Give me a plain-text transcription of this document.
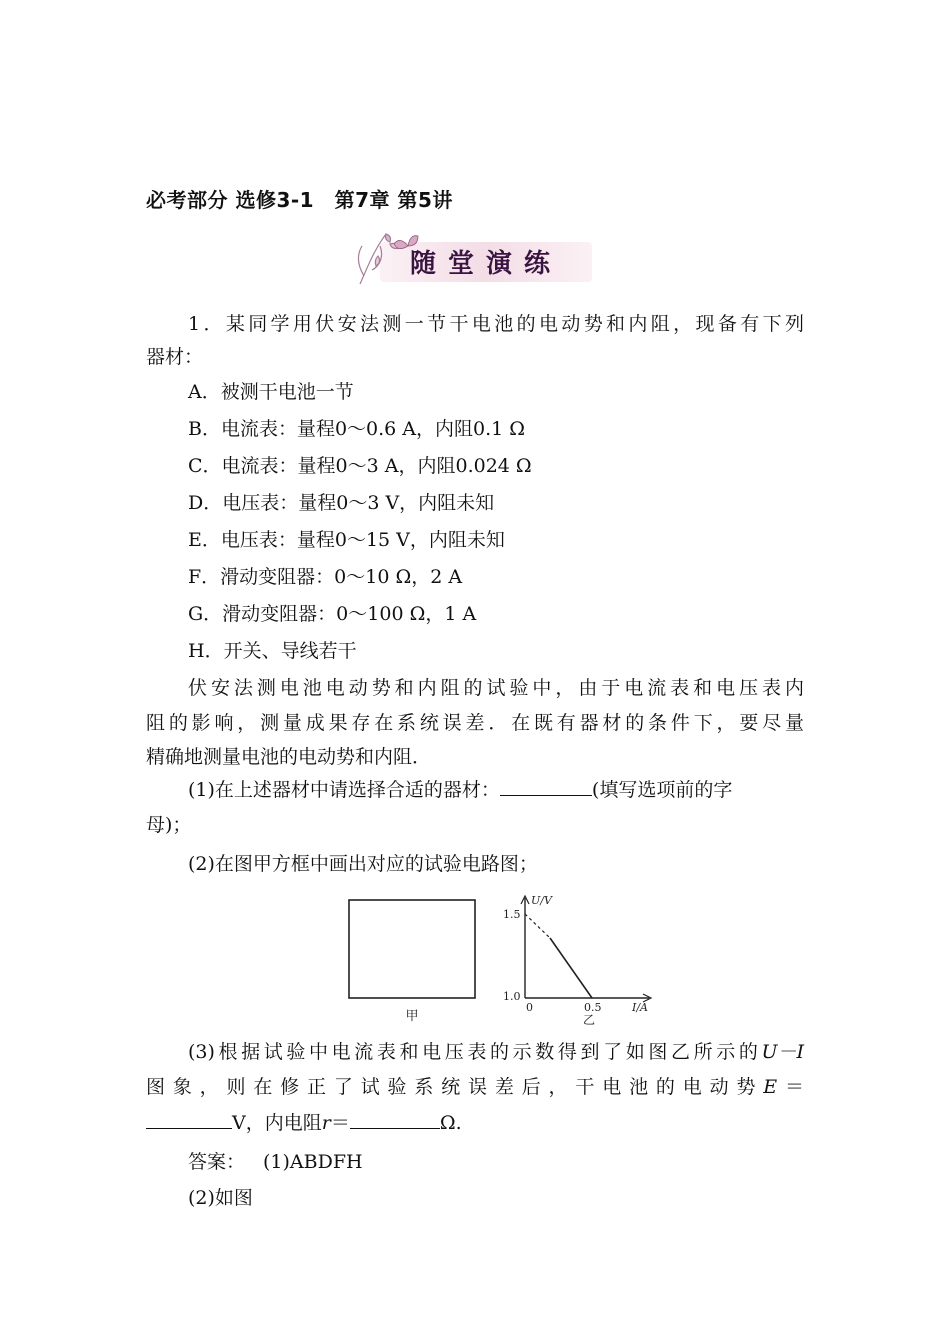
必考部分 选修3-1　第7章 第5讲
随堂演练
1．某同学用伏安法测一节干电池的电动势和内阻，现备有下列
器材：
A．被测干电池一节
B．电流表：量程0～0.6 A，内阻0.1 Ω
C．电流表：量程0～3 A，内阻0.024 Ω
D．电压表：量程0～3 V，内阻未知
E．电压表：量程0～15 V，内阻未知
F．滑动变阻器：0～10 Ω，2 A
G．滑动变阻器：0～100 Ω，1 A
H．开关、导线若干
伏安法测电池电动势和内阻的试验中，由于电流表和电压表内
阻的影响，测量成果存在系统误差．在既有器材的条件下，要尽量
精确地测量电池的电动势和内阻．
(1)在上述器材中请选择合适的器材：	(填写选项前的字
母)；
(2)在图甲方框中画出对应的试验电路图；
甲
U/V
1.5
1.0
0	0.5	I/A
乙
(3)根据试验中电流表和电压表的示数得到了如图乙所示的U－I
图象，则在修正了试验系统误差后，干电池的电动势E＝
V，内电阻r＝	Ω.
答案： (1)ABDFH
(2)如图
